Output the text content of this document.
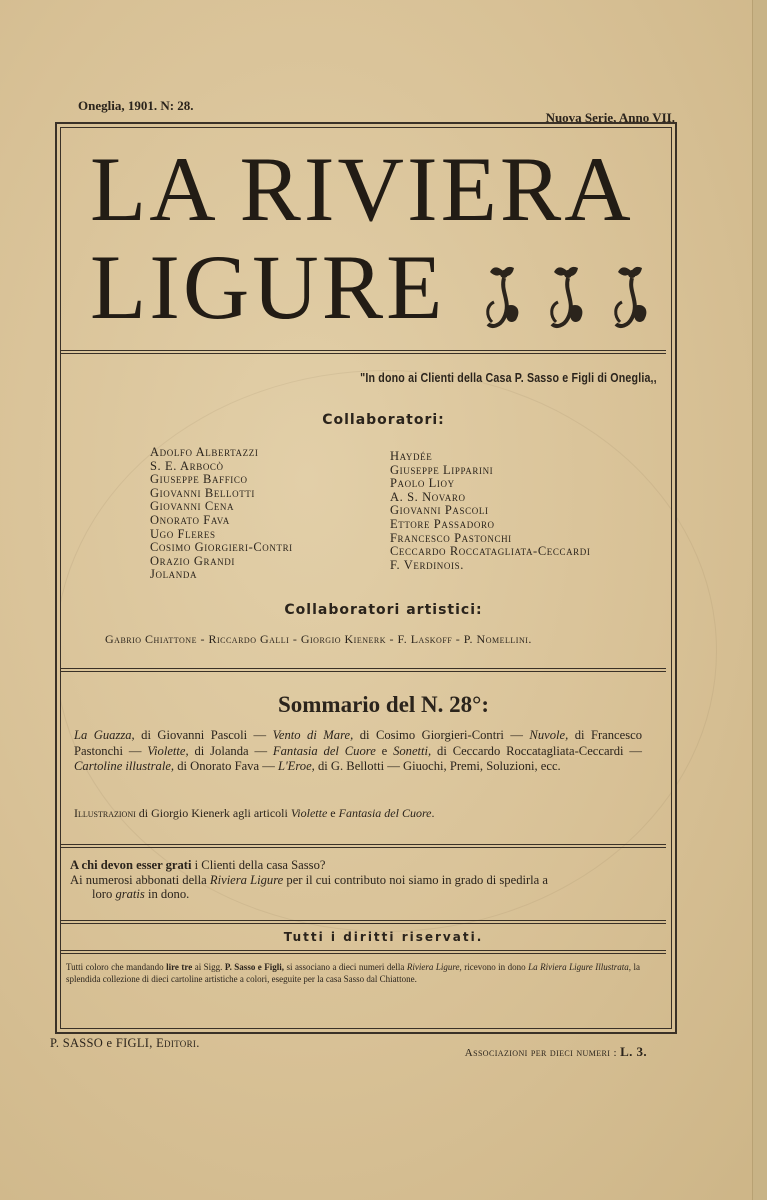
Oneglia, 1901. N: 28.
Nuova Serie, Anno VII.
LA RIVIERA
LIGURE

"In dono ai Clienti della Casa P. Sasso e Figli di Oneglia,,
Collaboratori:
Adolfo Albertazzi
S. E. Arbocò
Giuseppe Baffico
Giovanni Bellotti
Giovanni Cena
Onorato Fava
Ugo Fleres
Cosimo Giorgieri-Contri
Orazio Grandi
Jolanda
Haydée
Giuseppe Lipparini
Paolo Lioy
A. S. Novaro
Giovanni Pascoli
Ettore Passadoro
Francesco Pastonchi
Ceccardo Roccatagliata-Ceccardi
F. Verdinois.
Collaboratori artistici:
Gabrio Chiattone - Riccardo Galli - Giorgio Kienerk - F. Laskoff - P. Nomellini.
Sommario del N. 28°:
La Guazza, di Giovanni Pascoli — Vento di Mare, di Cosimo Giorgieri-Contri — Nuvole, di Francesco Pastonchi — Violette, di Jolanda — Fantasia del Cuore e Sonetti, di Ceccardo Roccatagliata-Ceccardi — Cartoline illustrale, di Onorato Fava — L'Eroe, di G. Bellotti — Giuochi, Premi, Soluzioni, ecc.
Illustrazioni di Giorgio Kienerk agli articoli Violette e Fantasia del Cuore.
A chi devon esser grati i Clienti della casa Sasso?
Ai numerosi abbonati della Riviera Ligure per il cui contributo noi siamo in grado di spedirla a
loro gratis in dono.
Tutti i diritti riservati.
Tutti coloro che mandando lire tre ai Sigg. P. Sasso e Figli, si associano a dieci numeri della Riviera Ligure, ricevono in dono La Riviera Ligure Illustrata, la splendida collezione di dieci cartoline artistiche a colori, eseguite per la casa Sasso dal Chiattone.
P. SASSO e FIGLI, Editori.
Associazioni per dieci numeri : L. 3.
